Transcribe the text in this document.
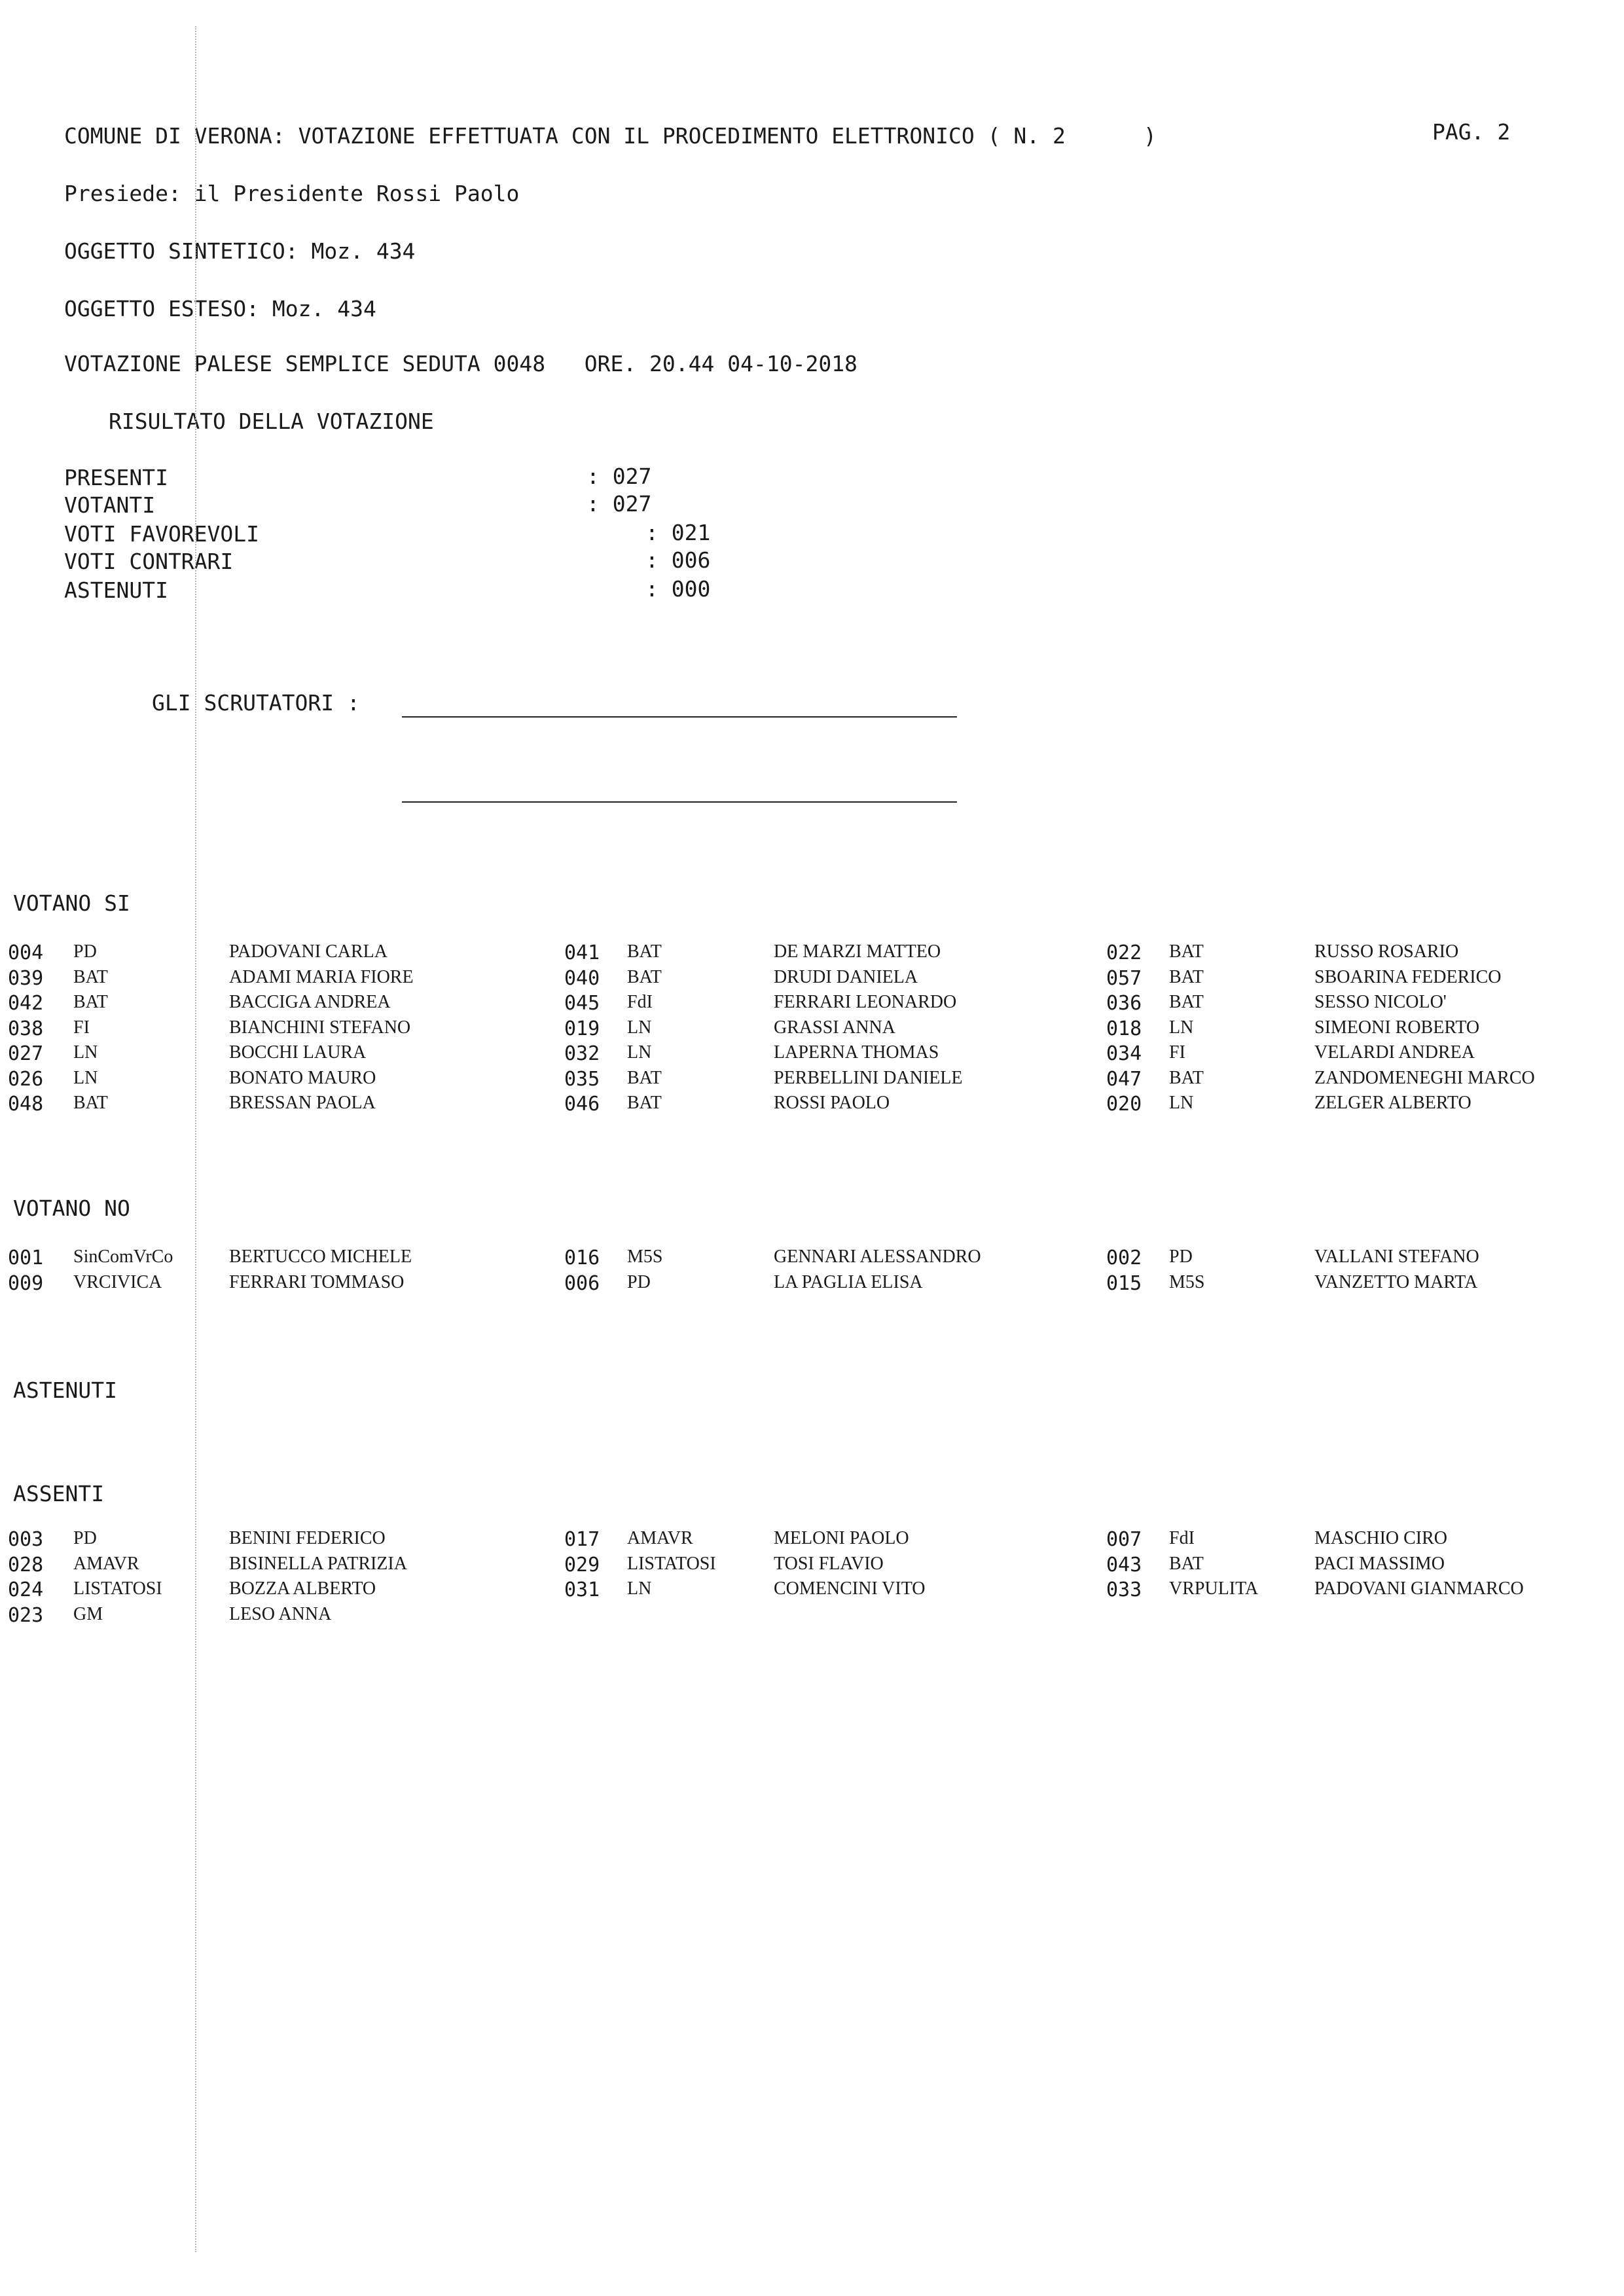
COMUNE DI VERONA: VOTAZIONE EFFETTUATA CON IL PROCEDIMENTO ELETTRONICO ( N. 2      )	PAG. 2
Presiede: il Presidente Rossi Paolo
OGGETTO SINTETICO: Moz. 434
OGGETTO ESTESO: Moz. 434
VOTAZIONE PALESE SEMPLICE SEDUTA 0048   ORE. 20.44 04-10-2018
RISULTATO DELLA VOTAZIONE
PRESENTI	: 027
VOTANTI	: 027
VOTI FAVOREVOLI	: 021
VOTI CONTRARI	: 006
ASTENUTI	: 000
GLI SCRUTATORI :
VOTANO SI
VOTANO NO
ASTENUTI
ASSENTI
004 PD	PADOVANI CARLA	041 BAT	DE MARZI MATTEO	022 BAT	RUSSO ROSARIO
039 BAT	ADAMI MARIA FIORE	040 BAT	DRUDI DANIELA	057 BAT	SBOARINA FEDERICO
042 BAT	BACCIGA ANDREA	045 FdI	FERRARI LEONARDO	036 BAT	SESSO NICOLO'
038 FI	BIANCHINI STEFANO	019 LN	GRASSI ANNA	018 LN	SIMEONI ROBERTO
027 LN	BOCCHI LAURA	032 LN	LAPERNA THOMAS	034 FI	VELARDI ANDREA
026 LN	BONATO MAURO	035 BAT	PERBELLINI DANIELE	047 BAT	ZANDOMENEGHI MARCO
048 BAT	BRESSAN PAOLA	046 BAT	ROSSI PAOLO	020 LN	ZELGER ALBERTO
001 SinComVrCo	BERTUCCO MICHELE	016 M5S	GENNARI ALESSANDRO	002 PD	VALLANI STEFANO
009 VRCIVICA	FERRARI TOMMASO	006 PD	LA PAGLIA ELISA	015 M5S	VANZETTO MARTA
003 PD	BENINI FEDERICO	017 AMAVR	MELONI PAOLO	007 FdI	MASCHIO CIRO
028 AMAVR	BISINELLA PATRIZIA	029 LISTATOSI	TOSI FLAVIO	043 BAT	PACI MASSIMO
024 LISTATOSI	BOZZA ALBERTO	031 LN	COMENCINI VITO	033 VRPULITA	PADOVANI GIANMARCO
023 GM	LESO ANNA
